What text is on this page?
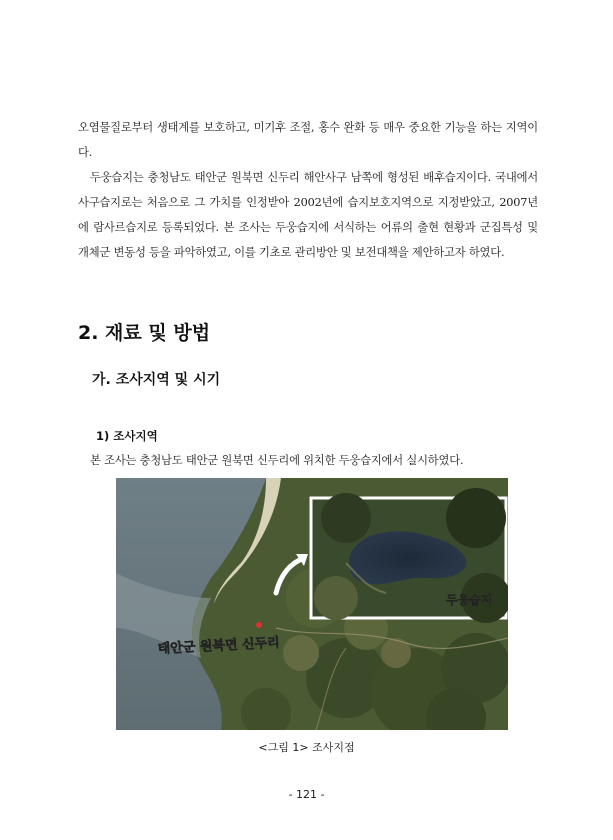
오염물질로부터 생태계를 보호하고, 미기후 조절, 홍수 완화 등 매우 중요한 기능을 하는 지역이다.

두웅습지는 충청남도 태안군 원북면 신두리 해안사구 남쪽에 형성된 배후습지이다. 국내에서 사구습지로는 처음으로 그 가치를 인정받아 2002년에 습지보호지역으로 지정받았고, 2007년에 람사르습지로 등록되었다. 본 조사는 두웅습지에 서식하는 어류의 출현 현황과 군집특성 및 개체군 변동성 등을 파악하였고, 이를 기초로 관리방안 및 보전대책을 제안하고자 하였다.

2. 재료 및 방법
가. 조사지역 및 시기
1) 조사지역

본 조사는 충청남도 태안군 원북면 신두리에 위치한 두웅습지에서 실시하였다.

태안군 원북면 신두리
두웅습지

<그림 1> 조사지점

- 121 -
